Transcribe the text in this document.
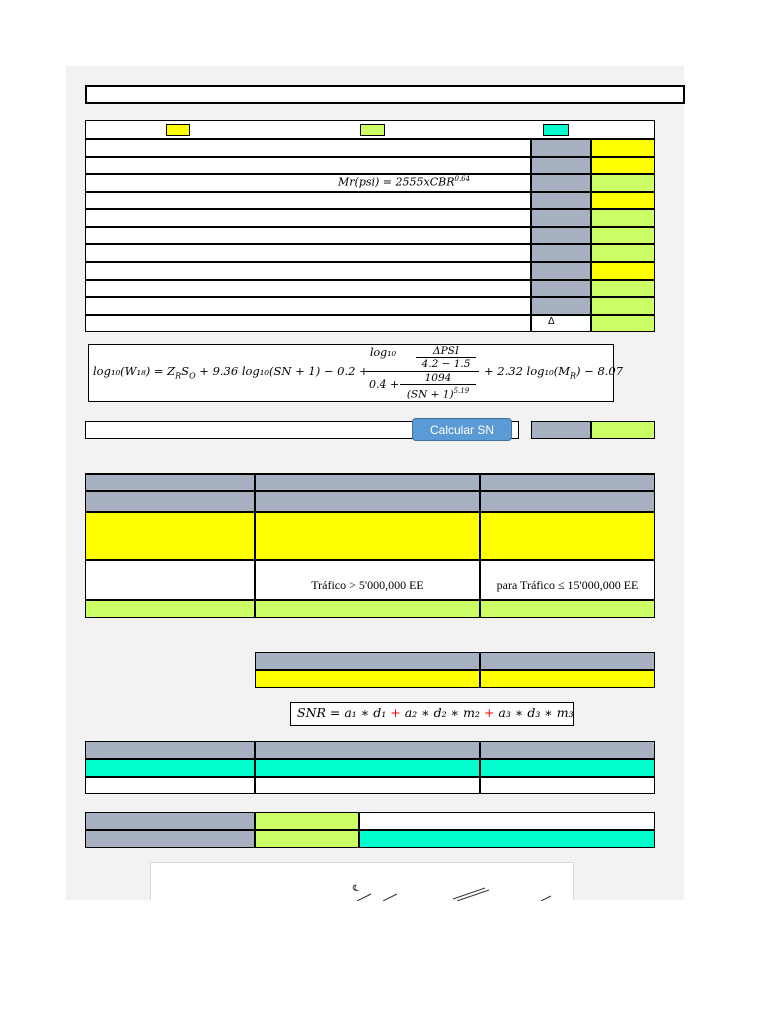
Mr(psi) = 2555xCBR$^{0.64}$
Δ
$\log_{10}(W_{18}) = Z_RS_O + 9.36$ log₁₀(SN + 1) − 0.2 +
log₁₀	ΔPSI
4.2 − 1.5
0.4 +	1094
(SN + 1)$^{5.19}$
+ 2.32 $\log_{10}(M_R) - 8.07$
Calcular SN
Tráfico > 5'000,000 EE	para Tráfico ≤ 15'000,000 EE
SNR = a₁ ∗ d₁ + a₂ ∗ d₂ ∗ m₂ + a₃ ∗ d₃ ∗ m₃
℄
